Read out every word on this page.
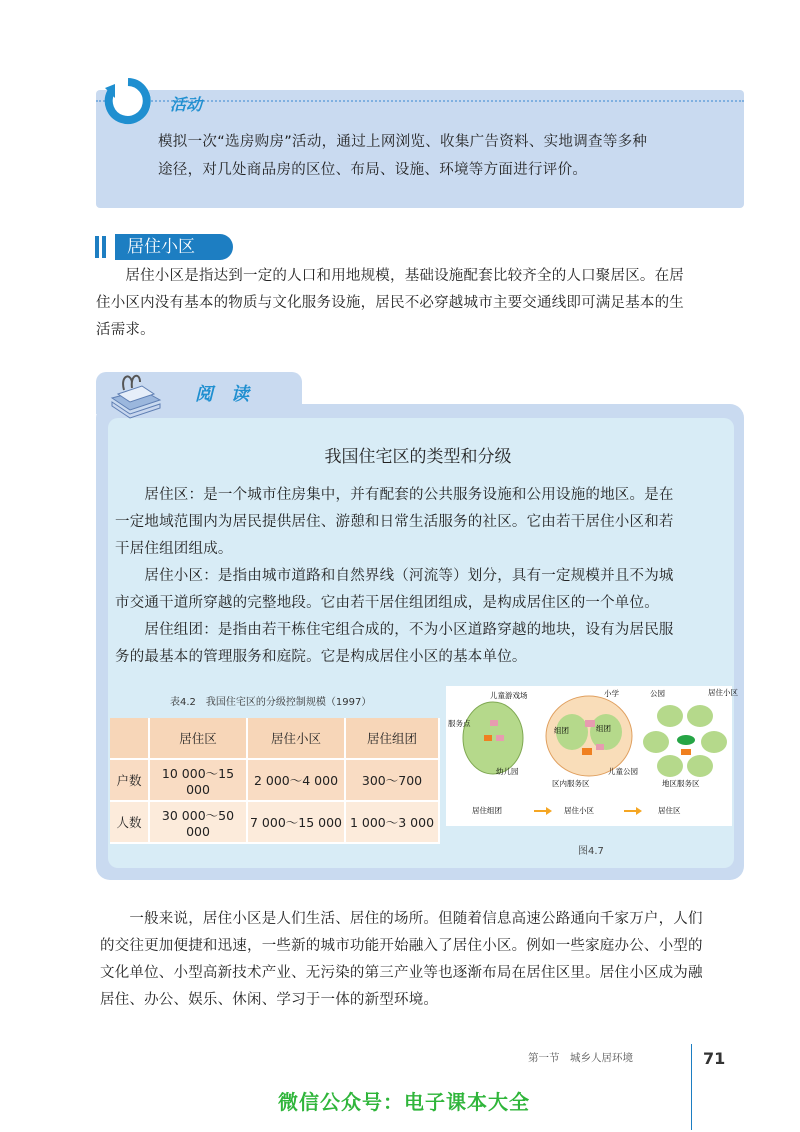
活动
模拟一次“选房购房”活动，通过上网浏览、收集广告资料、实地调查等多种
途径，对几处商品房的区位、布局、设施、环境等方面进行评价。
居住小区
　　居住小区是指达到一定的人口和用地规模，基础设施配套比较齐全的人口聚居区。在居
住小区内没有基本的物质与文化服务设施，居民不必穿越城市主要交通线即可满足基本的生
活需求。
阅读
我国住宅区的类型和分级
　　居住区：是一个城市住房集中，并有配套的公共服务设施和公用设施的地区。是在
一定地域范围内为居民提供居住、游憩和日常生活服务的社区。它由若干居住小区和若
干居住组团组成。
　　居住小区：是指由城市道路和自然界线（河流等）划分，具有一定规模并且不为城
市交通干道所穿越的完整地段。它由若干居住组团组成，是构成居住区的一个单位。
　　居住组团：是指由若干栋住宅组合成的，不为小区道路穿越的地块，设有为居民服
务的最基本的管理服务和庭院。它是构成居住小区的基本单位。
表4.2　我国住宅区的分级控制规模（1997）
	居住区	居住小区	居住组团
户数	10 000～15 000	2 000～4 000	300～700
人数	30 000～50 000	7 000～15 000	1 000～3 000
儿童游戏场
服务点
幼儿园
小学
组团	组团
儿童公园
区内服务区
公园	居住小区
地区服务区
居住组团	居住小区	居住区
图4.7
　　一般来说，居住小区是人们生活、居住的场所。但随着信息高速公路通向千家万户，人们
的交往更加便捷和迅速，一些新的城市功能开始融入了居住小区。例如一些家庭办公、小型的
文化单位、小型高新技术产业、无污染的第三产业等也逐渐布局在居住区里。居住小区成为融
居住、办公、娱乐、休闲、学习于一体的新型环境。
第一节　城乡人居环境	71
微信公众号：电子课本大全
